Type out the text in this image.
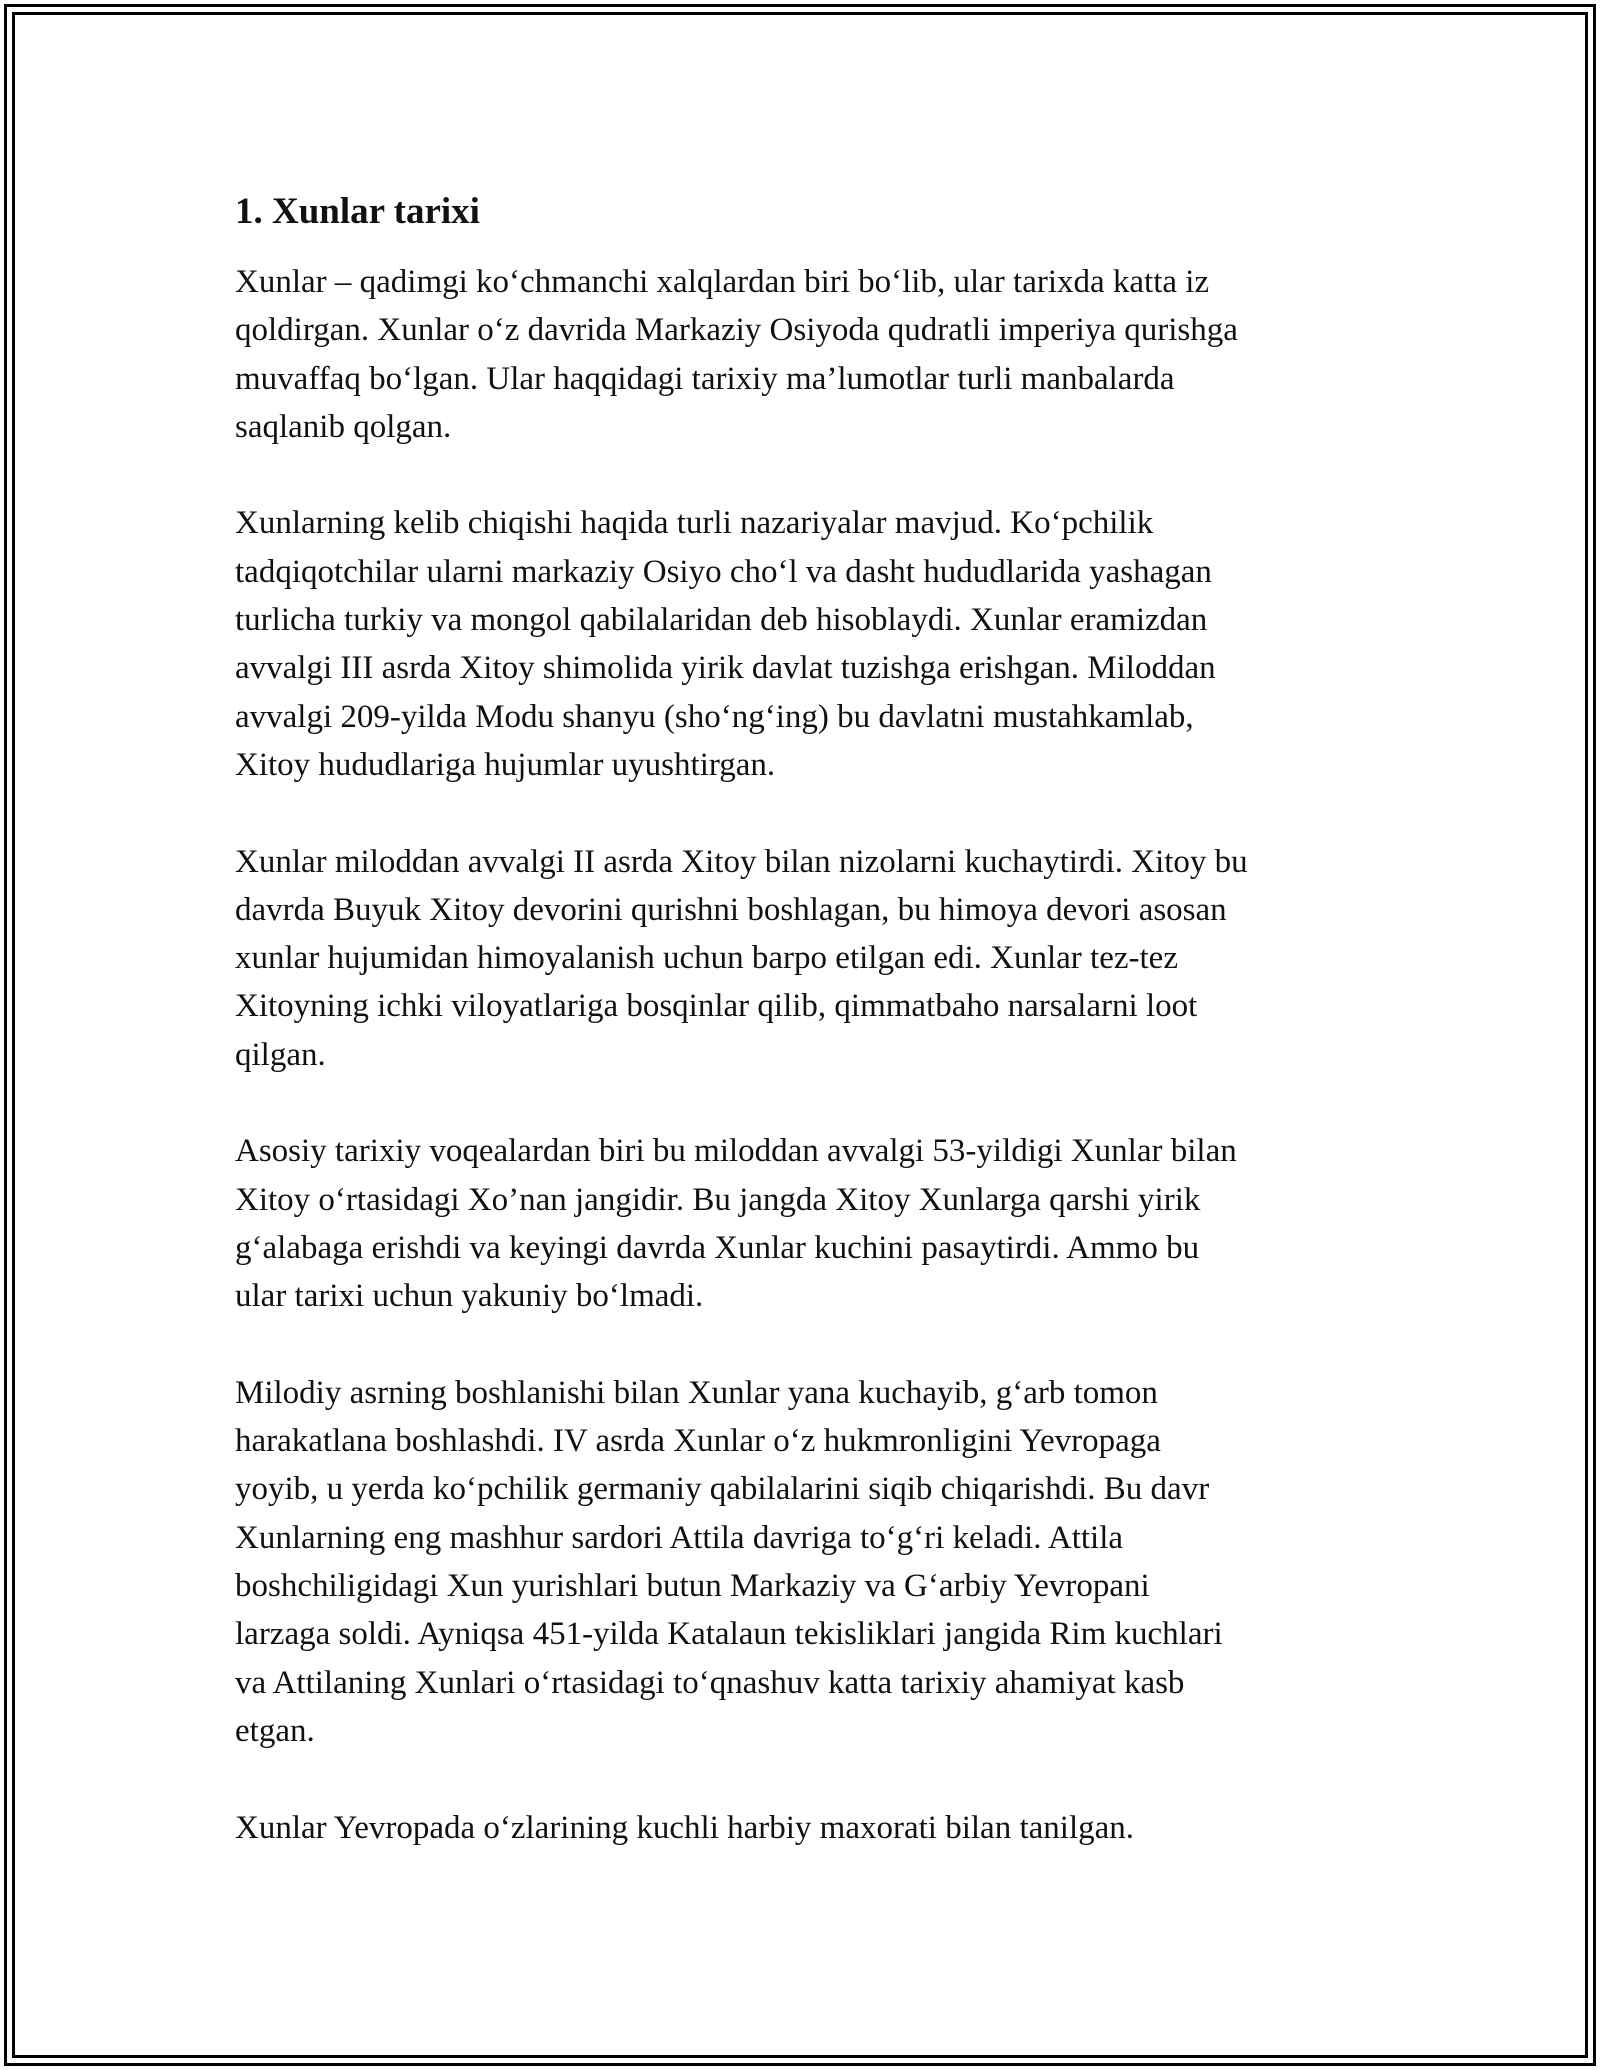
1. Xunlar tarixi
Xunlar – qadimgi ko‘chmanchi xalqlardan biri bo‘lib, ular tarixda katta iz
qoldirgan. Xunlar o‘z davrida Markaziy Osiyoda qudratli imperiya qurishga
muvaffaq bo‘lgan. Ular haqqidagi tarixiy ma’lumotlar turli manbalarda
saqlanib qolgan.
Xunlarning kelib chiqishi haqida turli nazariyalar mavjud. Ko‘pchilik
tadqiqotchilar ularni markaziy Osiyo cho‘l va dasht hududlarida yashagan
turlicha turkiy va mongol qabilalaridan deb hisoblaydi. Xunlar eramizdan
avvalgi III asrda Xitoy shimolida yirik davlat tuzishga erishgan. Miloddan
avvalgi 209-yilda Modu shanyu (sho‘ng‘ing) bu davlatni mustahkamlab,
Xitoy hududlariga hujumlar uyushtirgan.
Xunlar miloddan avvalgi II asrda Xitoy bilan nizolarni kuchaytirdi. Xitoy bu
davrda Buyuk Xitoy devorini qurishni boshlagan, bu himoya devori asosan
xunlar hujumidan himoyalanish uchun barpo etilgan edi. Xunlar tez-tez
Xitoyning ichki viloyatlariga bosqinlar qilib, qimmatbaho narsalarni loot
qilgan.
Asosiy tarixiy voqealardan biri bu miloddan avvalgi 53-yildigi Xunlar bilan
Xitoy o‘rtasidagi Xo’nan jangidir. Bu jangda Xitoy Xunlarga qarshi yirik
g‘alabaga erishdi va keyingi davrda Xunlar kuchini pasaytirdi. Ammo bu
ular tarixi uchun yakuniy bo‘lmadi.
Milodiy asrning boshlanishi bilan Xunlar yana kuchayib, g‘arb tomon
harakatlana boshlashdi. IV asrda Xunlar o‘z hukmronligini Yevropaga
yoyib, u yerda ko‘pchilik germaniy qabilalarini siqib chiqarishdi. Bu davr
Xunlarning eng mashhur sardori Attila davriga to‘g‘ri keladi. Attila
boshchiligidagi Xun yurishlari butun Markaziy va G‘arbiy Yevropani
larzaga soldi. Ayniqsa 451-yilda Katalaun tekisliklari jangida Rim kuchlari
va Attilaning Xunlari o‘rtasidagi to‘qnashuv katta tarixiy ahamiyat kasb
etgan.
Xunlar Yevropada o‘zlarining kuchli harbiy maxorati bilan tanilgan.
